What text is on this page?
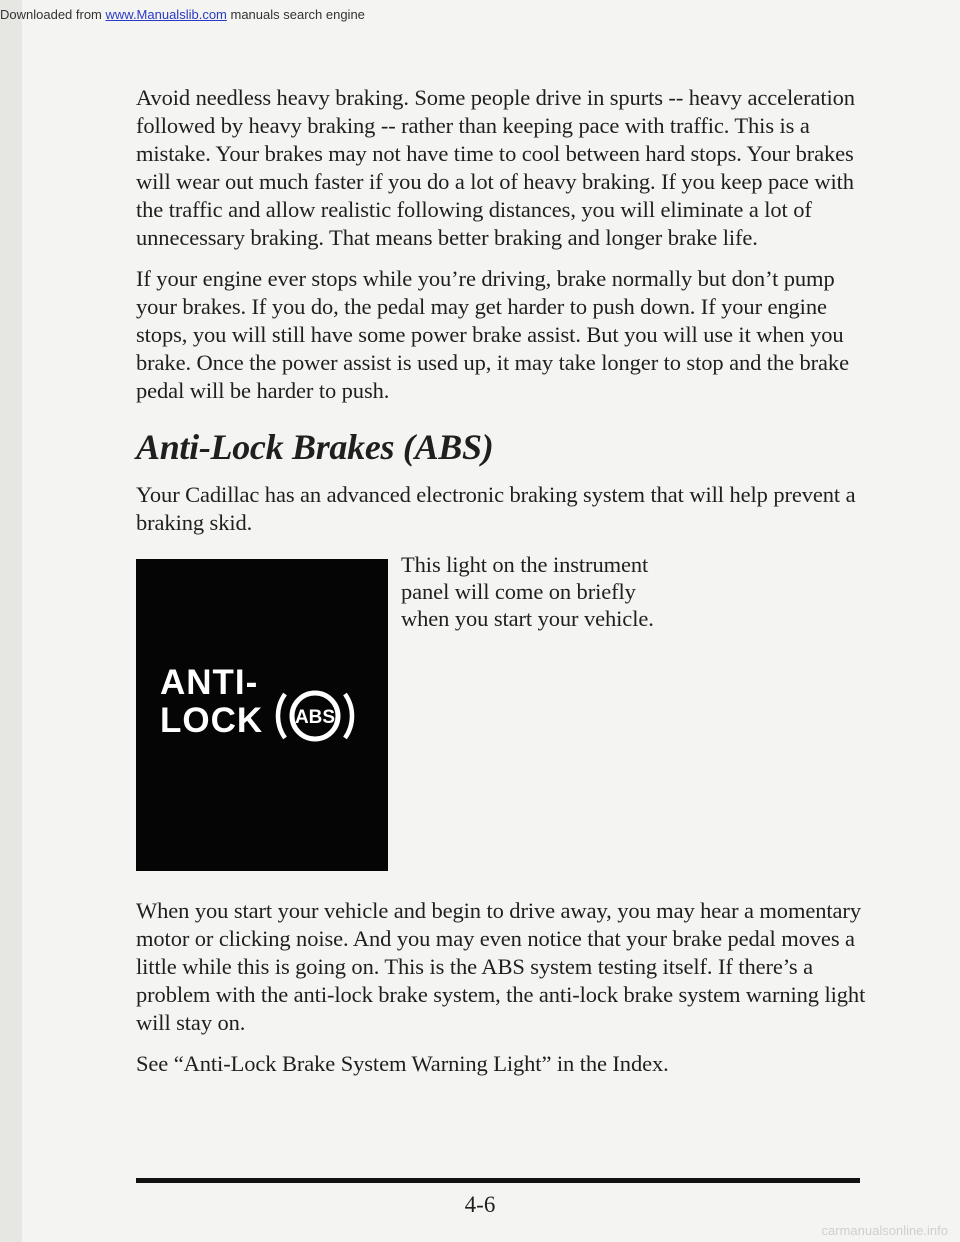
Downloaded from www.Manualslib.com manuals search engine

Avoid needless heavy braking. Some people drive in spurts -- heavy acceleration followed by heavy braking -- rather than keeping pace with traffic. This is a mistake. Your brakes may not have time to cool between hard stops. Your brakes will wear out much faster if you do a lot of heavy braking. If you keep pace with the traffic and allow realistic following distances, you will eliminate a lot of unnecessary braking. That means better braking and longer brake life.

If your engine ever stops while you’re driving, brake normally but don’t pump your brakes. If you do, the pedal may get harder to push down. If your engine stops, you will still have some power brake assist. But you will use it when you brake. Once the power assist is used up, it may take longer to stop and the brake pedal will be harder to push.

Anti-Lock Brakes (ABS)

Your Cadillac has an advanced electronic braking system that will help prevent a braking skid.

ANTI-
LOCK ABS

This light on the instrument panel will come on briefly when you start your vehicle.

When you start your vehicle and begin to drive away, you may hear a momentary motor or clicking noise. And you may even notice that your brake pedal moves a little while this is going on. This is the ABS system testing itself. If there’s a problem with the anti-lock brake system, the anti-lock brake system warning light will stay on.

See “Anti-Lock Brake System Warning Light” in the Index.

4-6
carmanualsonline.info
